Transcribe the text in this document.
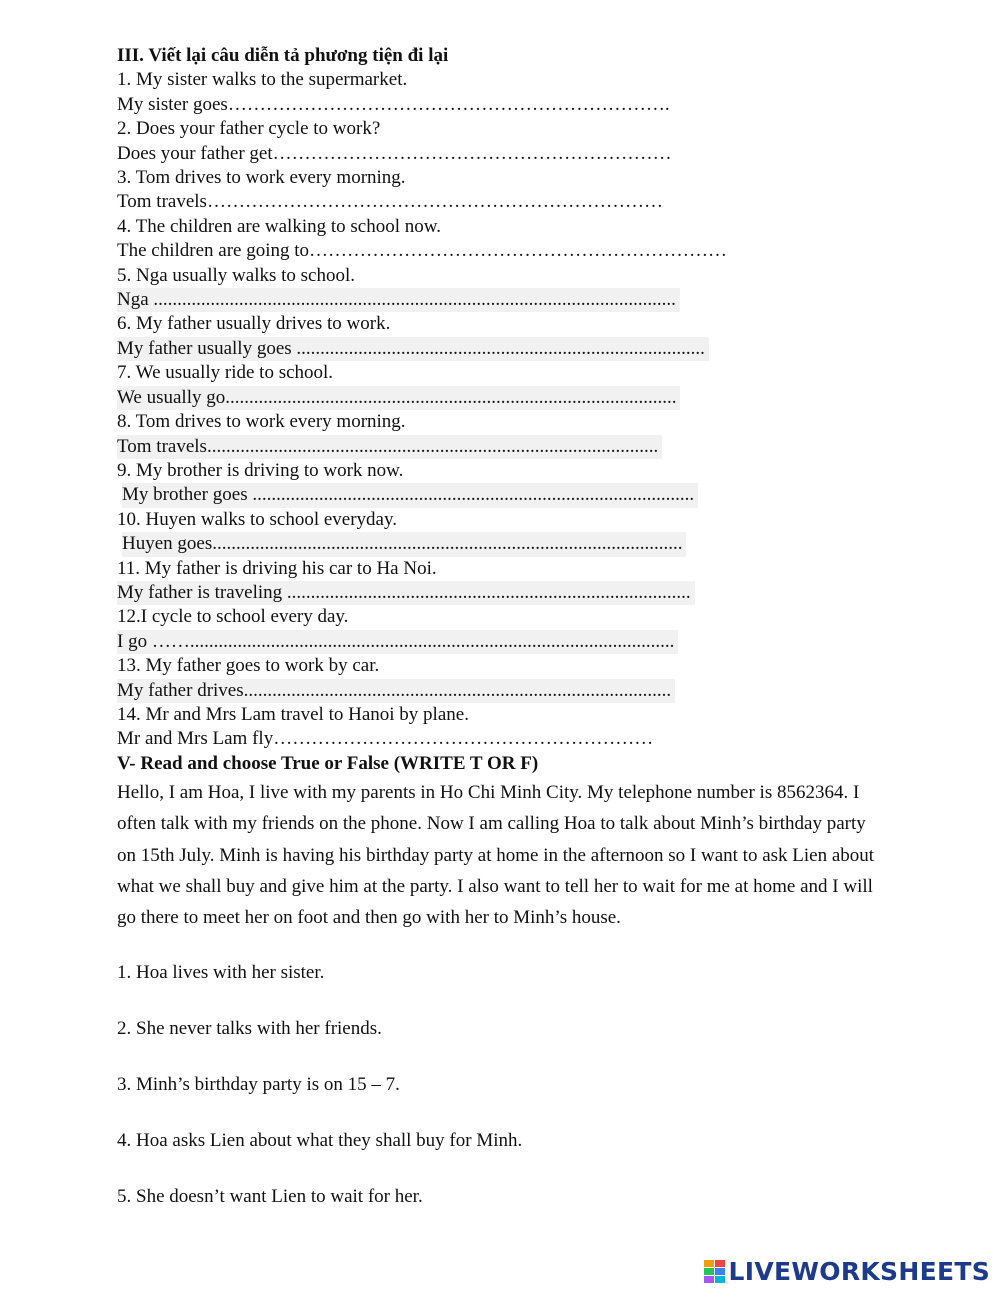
III. Viết lại câu diễn tả phương tiện đi lại
1. My sister walks to the supermarket.
My sister goes…………………………………………………………….
2. Does your father cycle to work?
Does your father get………………………………………………………
3. Tom drives to work every morning.
Tom travels………………………………………………………………
4. The children are walking to school now.
The children are going to…………………………………………………………
5. Nga usually walks to school.
Nga ..............................................................................................................
6. My father usually drives to work.
My father usually goes ......................................................................................
7. We usually ride to school.
We usually go...............................................................................................
8. Tom drives to work every morning.
Tom travels...............................................................................................
9. My brother is driving to work now.
My brother goes .............................................................................................
10. Huyen walks to school everyday.
Huyen goes...................................................................................................
11. My father is driving his car to Ha Noi.
My father is traveling .....................................................................................
12.I cycle to school every day.
I go ……......................................................................................................
13. My father goes to work by car.
My father drives..........................................................................................
14. Mr and Mrs Lam travel to Hanoi by plane.
Mr and Mrs Lam fly……………………………………………………
V- Read and choose True or False (WRITE T OR F)
Hello, I am Hoa, I live with my parents in Ho Chi Minh City. My telephone number is 8562364. I often talk with my friends on the phone. Now I am calling Hoa to talk about Minh’s birthday party on 15th July. Minh is having his birthday party at home in the afternoon so I want to ask Lien about what we shall buy and give him at the party. I also want to tell her to wait for me at home and I will go there to meet her on foot and then go with her to Minh’s house.
1. Hoa lives with her sister.
2. She never talks with her friends.
3. Minh’s birthday party is on 15 – 7.
4. Hoa asks Lien about what they shall buy for Minh.
5. She doesn’t want Lien to wait for her.
LIVEWORKSHEETS
